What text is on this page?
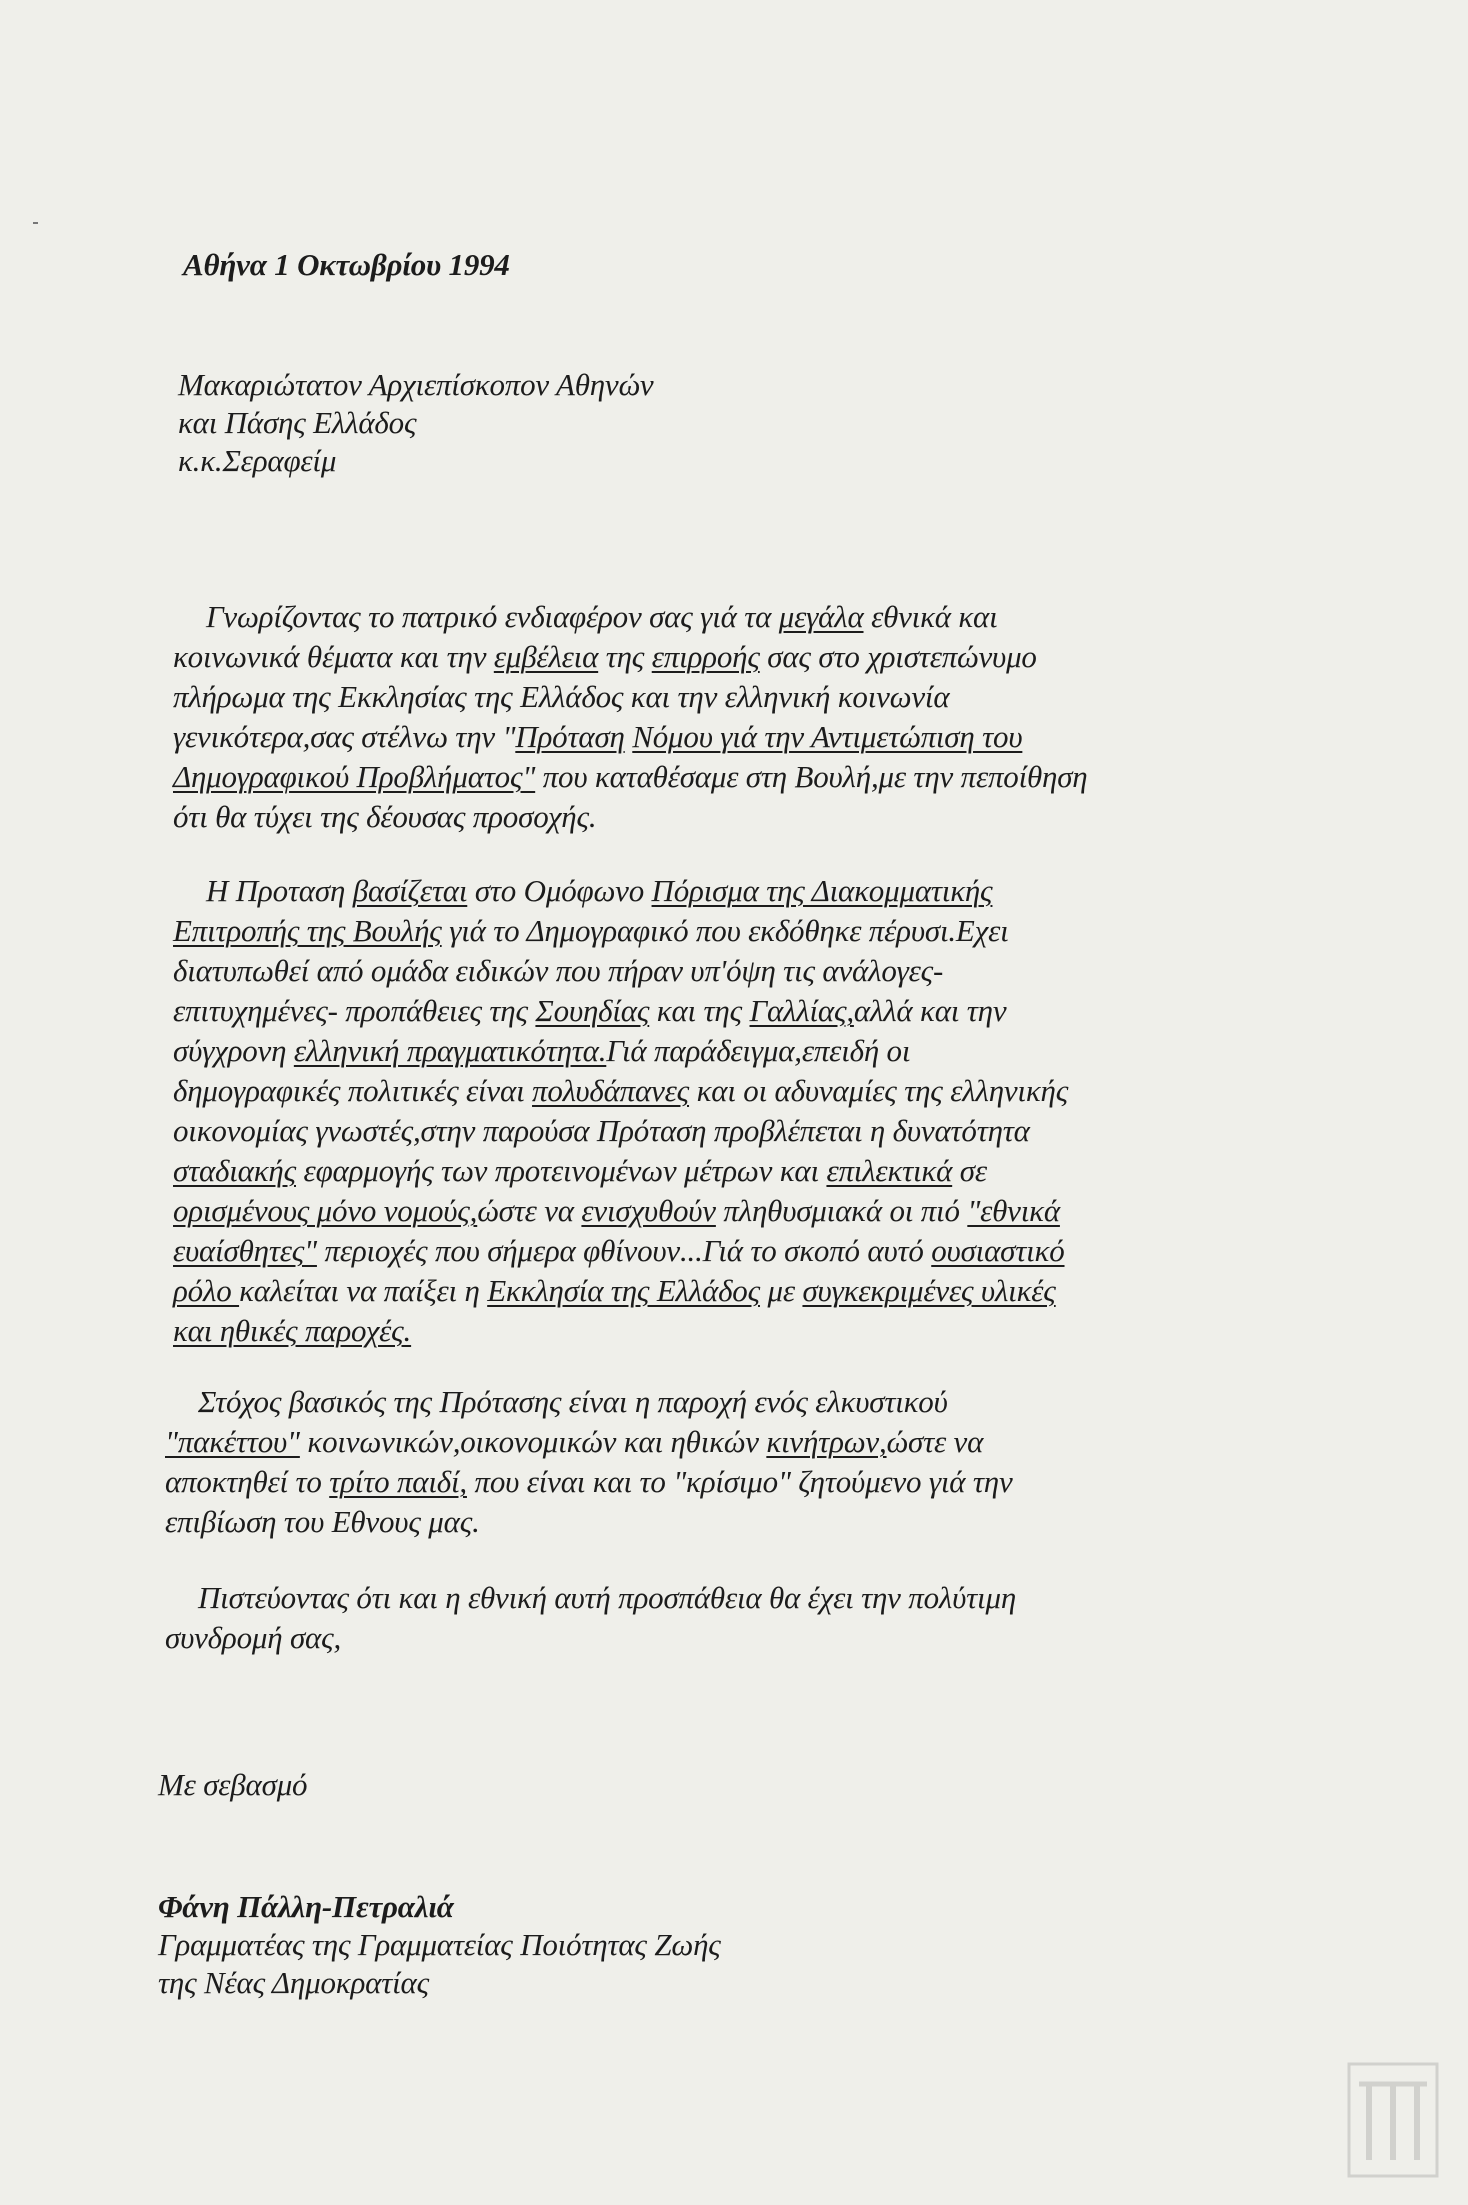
Αθήνα 1 Οκτωβρίου 1994
Μακαριώτατον Αρχιεπίσκοπον Αθηνών
και Πάσης Ελλάδος
κ.κ.Σεραφείμ
Γνωρίζοντας το πατρικό ενδιαφέρον σας γιά τα μεγάλα εθνικά και
κοινωνικά θέματα και την εμβέλεια της επιρροής σας στο χριστεπώνυμο
πλήρωμα της Εκκλησίας της Ελλάδος και την ελληνική κοινωνία
γενικότερα,σας στέλνω την "Πρόταση Νόμου γιά την Αντιμετώπιση του
Δημογραφικού Προβλήματος" που καταθέσαμε στη Βουλή,με την πεποίθηση
ότι θα τύχει της δέουσας προσοχής.
Η Προταση βασίζεται στο Ομόφωνο Πόρισμα της Διακομματικής
Επιτροπής της Βουλής γιά το Δημογραφικό που εκδόθηκε πέρυσι.Εχει
διατυπωθεί από ομάδα ειδικών που πήραν υπ'όψη τις ανάλογες-
επιτυχημένες- προπάθειες της Σουηδίας και της Γαλλίας,αλλά και την
σύγχρονη ελληνική πραγματικότητα.Γιά παράδειγμα,επειδή οι
δημογραφικές πολιτικές είναι πολυδάπανες και οι αδυναμίες της ελληνικής
οικονομίας γνωστές,στην παρούσα Πρόταση προβλέπεται η δυνατότητα
σταδιακής εφαρμογής των προτεινομένων μέτρων και επιλεκτικά σε
ορισμένους μόνο νομούς,ώστε να ενισχυθούν πληθυσμιακά οι πιό "εθνικά
ευαίσθητες" περιοχές που σήμερα φθίνουν...Γιά το σκοπό αυτό ουσιαστικό
ρόλο καλείται να παίξει η Εκκλησία της Ελλάδος με συγκεκριμένες υλικές
και ηθικές παροχές.
Στόχος βασικός της Πρότασης είναι η παροχή ενός ελκυστικού
"πακέττου" κοινωνικών,οικονομικών και ηθικών κινήτρων,ώστε να
αποκτηθεί το τρίτο παιδί, που είναι και το "κρίσιμο" ζητούμενο γιά την
επιβίωση του Εθνους μας.
Πιστεύοντας ότι και η εθνική αυτή προσπάθεια θα έχει την πολύτιμη
συνδρομή σας,
Με σεβασμό
Φάνη Πάλλη-Πετραλιά
Γραμματέας της Γραμματείας Ποιότητας Ζωής
της Νέας Δημοκρατίας
